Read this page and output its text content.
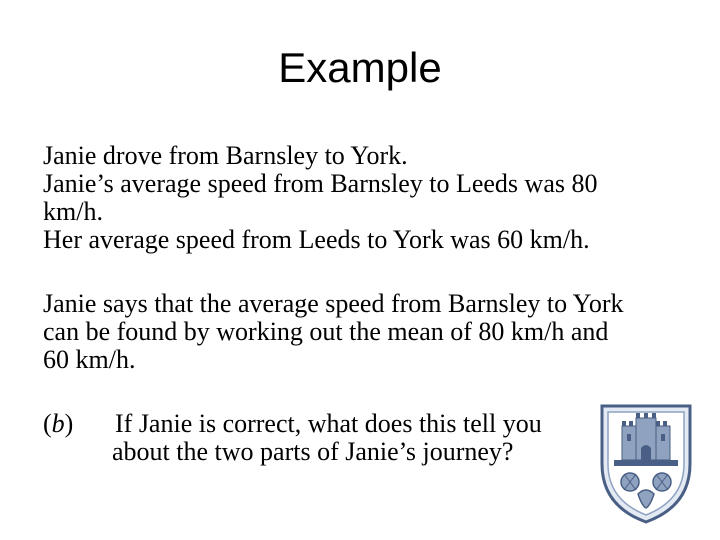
Example
Janie drove from Barnsley to York.
Janie’s average speed from Barnsley to Leeds was 80
km/h.
Her average speed from Leeds to York was 60 km/h.
Janie says that the average speed from Barnsley to York
can be found by working out the mean of 80 km/h and
60 km/h.
(b) If Janie is correct, what does this tell you
about the two parts of Janie’s journey?
